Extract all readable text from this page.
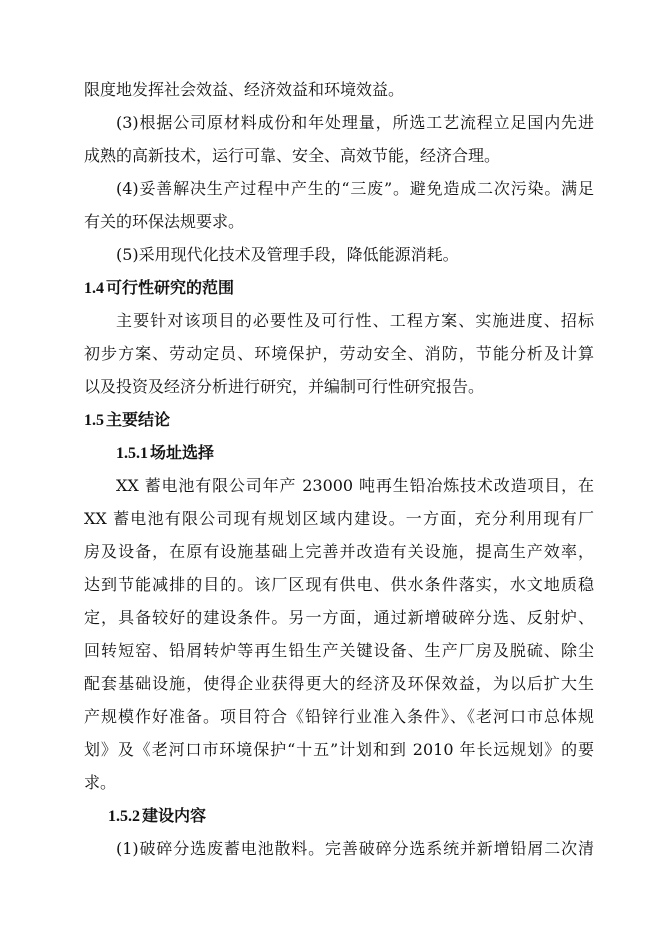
限度地发挥社会效益、经济效益和环境效益。
(3)根据公司原材料成份和年处理量，所选工艺流程立足国内先进
成熟的高新技术，运行可靠、安全、高效节能，经济合理。
(4)妥善解决生产过程中产生的“三废”。避免造成二次污染。满足
有关的环保法规要求。
(5)采用现代化技术及管理手段，降低能源消耗。
1.4 可行性研究的范围
主要针对该项目的必要性及可行性、工程方案、实施进度、招标
初步方案、劳动定员、环境保护，劳动安全、消防，节能分析及计算
以及投资及经济分析进行研究，并编制可行性研究报告。
1.5 主要结论
1.5.1 场址选择
XX 蓄电池有限公司年产 23000 吨再生铅冶炼技术改造项目，在
XX 蓄电池有限公司现有规划区域内建设。一方面，充分利用现有厂
房及设备，在原有设施基础上完善并改造有关设施，提高生产效率，
达到节能减排的目的。该厂区现有供电、供水条件落实，水文地质稳
定，具备较好的建设条件。另一方面，通过新增破碎分选、反射炉、
回转短窑、铅屑转炉等再生铅生产关键设备、生产厂房及脱硫、除尘
配套基础设施，使得企业获得更大的经济及环保效益，为以后扩大生
产规模作好准备。项目符合《铅锌行业准入条件》、《老河口市总体规
划》及《老河口市环境保护“十五”计划和到 2010 年长远规划》的要
求。
1.5.2 建设内容
(1)破碎分选废蓄电池散料。完善破碎分选系统并新增铅屑二次清
